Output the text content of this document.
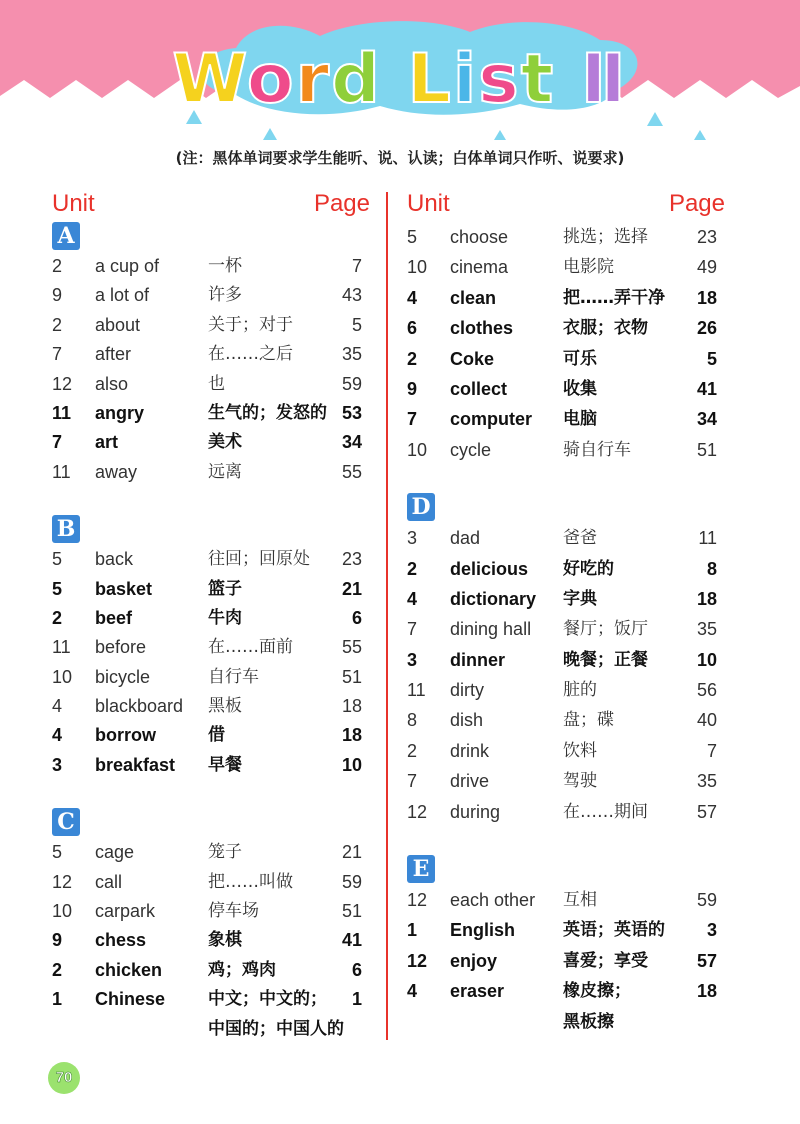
Word List Ⅱ
(注：黑体单词要求学生能听、说、认读；白体单词只作听、说要求)
Unit	Page
A
2	a cup of	一杯	7
9	a lot of	许多	43
2	about	关于；对于	5
7	after	在……之后	35
12	also	也	59
11	angry	生气的；发怒的 53
7	art	美术	34
11	away	远离	55
B
5	back	往回；回原处 23
5	basket	篮子	21
2	beef	牛肉	6
11	before	在……面前	55
10	bicycle	自行车	51
4	blackboard 黑板	18
4	borrow	借	18
3	breakfast 早餐	10
C
5	cage	笼子	21
12	call	把……叫做	59
10	carpark	停车场	51
9	chess	象棋	41
2	chicken	鸡；鸡肉	6
1	Chinese	中文；中文的； 1
中国的；中国人的
Unit	Page
5	choose	挑选；选择	23
10	cinema	电影院	49
4	clean	把……弄干净 18
6	clothes	衣服；衣物	26
2	Coke	可乐	5
9	collect	收集	41
7	computer 电脑	34
10	cycle	骑自行车	51
D
3	dad	爸爸	11
2	delicious 好吃的	8
4	dictionary 字典	18
7	dining hall 餐厅；饭厅	35
3	dinner	晚餐；正餐	10
11	dirty	脏的	56
8	dish	盘；碟	40
2	drink	饮料	7
7	drive	驾驶	35
12	during	在……期间	57
E
12	each other 互相	59
1	English	英语；英语的 3
12	enjoy	喜爱；享受	57
4	eraser	橡皮擦；	18
黑板擦
70
